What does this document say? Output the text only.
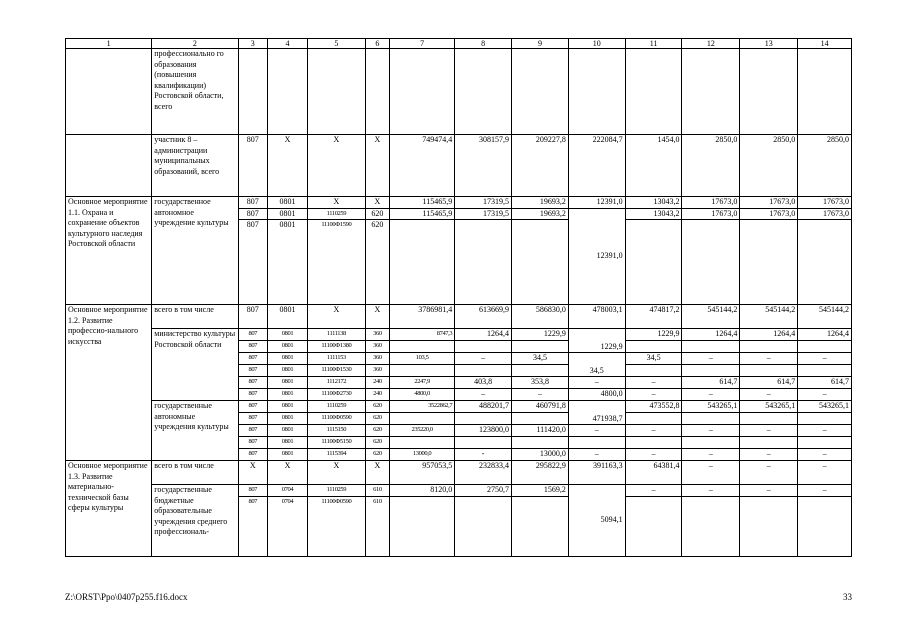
1	2	3	4	5	6	7	8	9	10	11	12	13	14
	профессионально го образования (повышения квалификации) Ростовской области, всего												
	участник 8 – администрации муниципальных образований, всего	807	X	X	X	749474,4	308157,9	209227,8	222084,7	1454,0	2850,0	2850,0	2850,0
Основное мероприятие 1.1. Охрана и сохранение объектов культурного наследия Ростовской области	государственное автономное учреждение культуры	807	0801	X	X	115465,9	17319,5	19693,2	12391,0	13043,2	17673,0	17673,0	17673,0
		807	0801	1110259	620	115465,9	17319,5	19693,2	12391,0	13043,2	17673,0	17673,0	17673,0
		807	0801	11100Ф1590	620								
Основное мероприятие 1.2. Развитие профессио-нального искусства	всего в том числе	807	0801	X	X	3786981,4	613669,9	586830,0	478003,1	474817,2	545144,2	545144,2	545144,2
	министерство культуры Ростовской области	807	0801	1111138	360	8747,3	1264,4	1229,9	1229,9	1229,9	1264,4	1264,4	1264,4
		807	0801	11100Ф1380	360								
		807	0801	1111153	360	103,5	–	34,5	34,5	34,5	–	–	–
		807	0801	11100Ф1530	360								
		807	0801	1112172	240	2247,9	403,8	353,8	–	–	614,7	614,7	614,7
		807	0801	11100Ф2730	240	4800,0	–	–	4800,0	–	–	–	–
	государственные автономные учреждения культуры	807	0801	1110259	620	3522862,7	488201,7	460791,8	471938,7	473552,8	543265,1	543265,1	543265,1
		807	0801	11100Ф0590	620								
		807	0801	1115150	620	235220,0	123800,0	111420,0	–	–	–	–	–
		807	0801	11100Ф5150	620								
		807	0801	1115394	620	13000,0	-	13000,0	–	–	–	–	–
Основное мероприятие 1.3. Развитие материально-технической базы сферы культуры	всего в том числе	X	X	X	X	957053,5	232833,4	295822,9	391163,3	64381,4	–	–	–
	государственные бюджетные образовательные учреждения среднего профессиональ-	807	0704	1110259	610	8120,0	2750,7	1569,2	5094,1	–	–	–	–
		807	0704	11100Ф0590	610								
Z:\ORST\Ppo\0407p255.f16.docx	33
